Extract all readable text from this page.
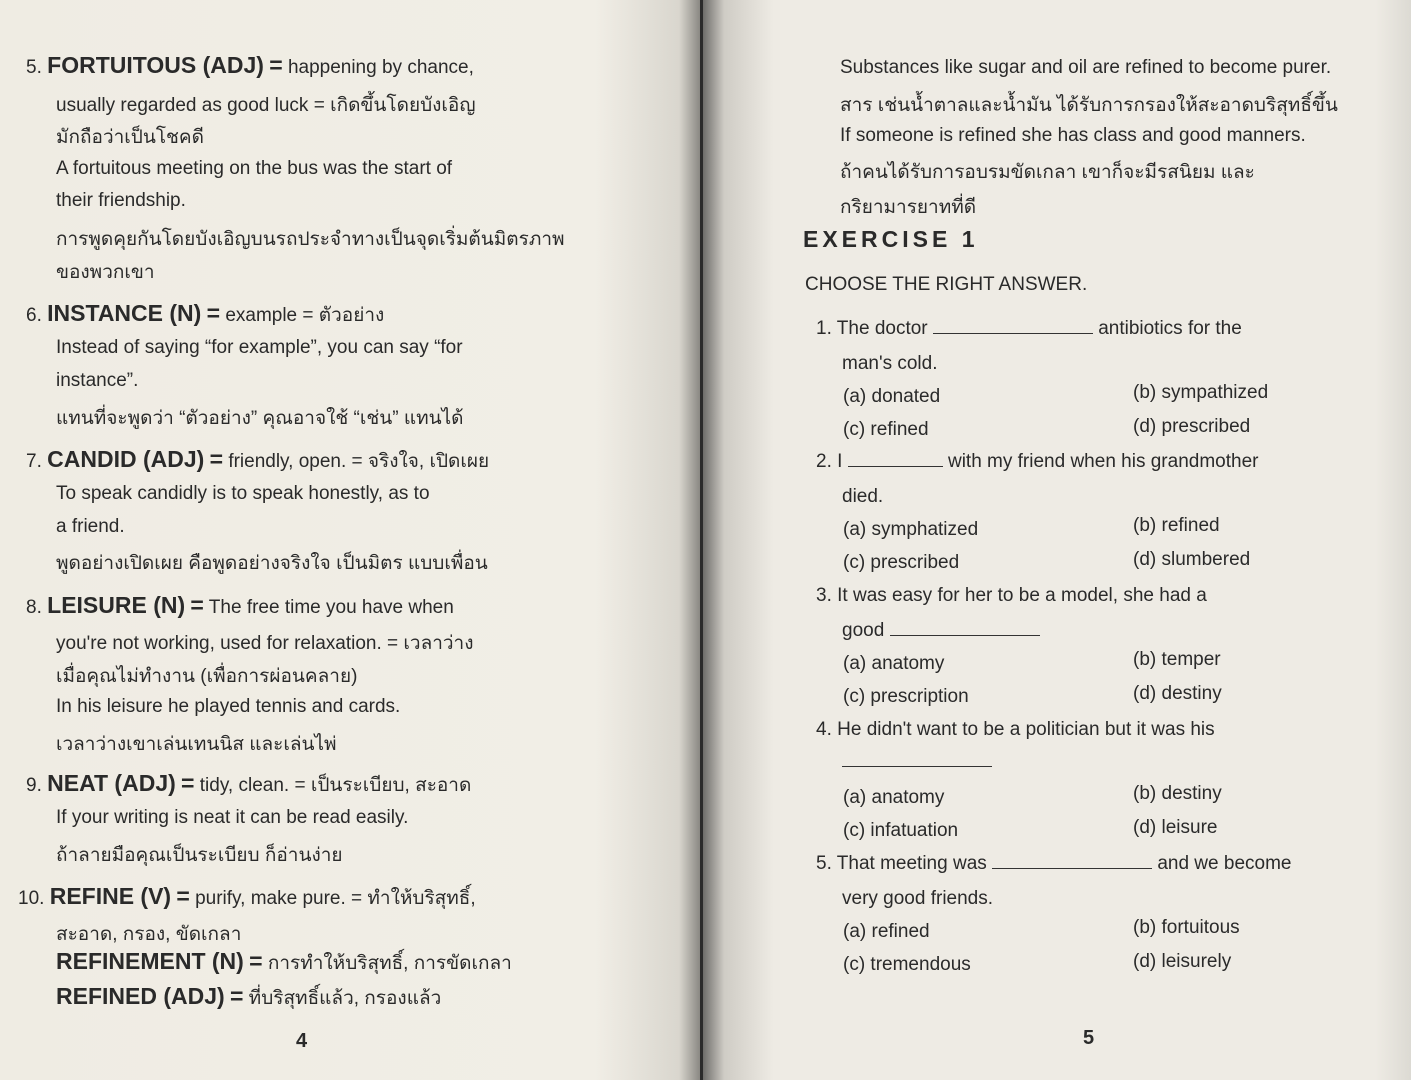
5. FORTUITOUS (ADJ) = happening by chance,
usually regarded as good luck = เกิดขึ้นโดยบังเอิญ
มักถือว่าเป็นโชคดี
A fortuitous meeting on the bus was the start of
their friendship.
การพูดคุยกันโดยบังเอิญบนรถประจำทางเป็นจุดเริ่มต้นมิตรภาพ
ของพวกเขา
6. INSTANCE (N) = example = ตัวอย่าง
Instead of saying “for example”, you can say “for
instance”.
แทนที่จะพูดว่า “ตัวอย่าง” คุณอาจใช้ “เช่น” แทนได้
7. CANDID (ADJ) = friendly, open. = จริงใจ, เปิดเผย
To speak candidly is to speak honestly, as to
a friend.
พูดอย่างเปิดเผย คือพูดอย่างจริงใจ เป็นมิตร แบบเพื่อน
8. LEISURE (N) = The free time you have when
you're not working, used for relaxation. = เวลาว่าง
เมื่อคุณไม่ทำงาน (เพื่อการผ่อนคลาย)
In his leisure he played tennis and cards.
เวลาว่างเขาเล่นเทนนิส และเล่นไพ่
9. NEAT (ADJ) = tidy, clean. = เป็นระเบียบ, สะอาด
If your writing is neat it can be read easily.
ถ้าลายมือคุณเป็นระเบียบ ก็อ่านง่าย
10. REFINE (V) = purify, make pure. = ทำให้บริสุทธิ์,
สะอาด, กรอง, ขัดเกลา
REFINEMENT (N) = การทำให้บริสุทธิ์, การขัดเกลา
REFINED (ADJ) = ที่บริสุทธิ์แล้ว, กรองแล้ว
4
Substances like sugar and oil are refined to become purer.
สาร เช่นน้ำตาลและน้ำมัน ได้รับการกรองให้สะอาดบริสุทธิ์ขึ้น
If someone is refined she has class and good manners.
ถ้าคนได้รับการอบรมขัดเกลา เขาก็จะมีรสนิยม และ
กริยามารยาทที่ดี
EXERCISE 1
CHOOSE THE RIGHT ANSWER.
1. The doctor	antibiotics for the
man's cold.
(a) donated	(b) sympathized
(c) refined	(d) prescribed
2. I	with my friend when his grandmother
died.
(a) symphatized	(b) refined
(c) prescribed	(d) slumbered
3. It was easy for her to be a model, she had a
good
(a) anatomy	(b) temper
(c) prescription	(d) destiny
4. He didn't want to be a politician but it was his
(a) anatomy	(b) destiny
(c) infatuation	(d) leisure
5. That meeting was	and we become
very good friends.
(a) refined	(b) fortuitous
(c) tremendous	(d) leisurely
5
